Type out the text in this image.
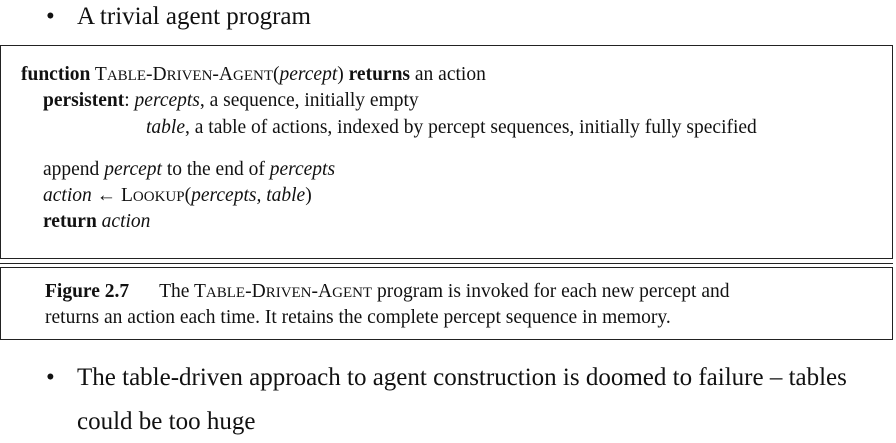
• A trivial agent program
function TABLE-DRIVEN-AGENT(percept) returns an action
persistent: percepts, a sequence, initially empty
table, a table of actions, indexed by percept sequences, initially fully specified
append percept to the end of percepts
action ← LOOKUP(percepts, table)
return action
Figure 2.7 The TABLE-DRIVEN-AGENT program is invoked for each new percept and
returns an action each time. It retains the complete percept sequence in memory.
• The table-driven approach to agent construction is doomed to failure – tables
could be too huge
